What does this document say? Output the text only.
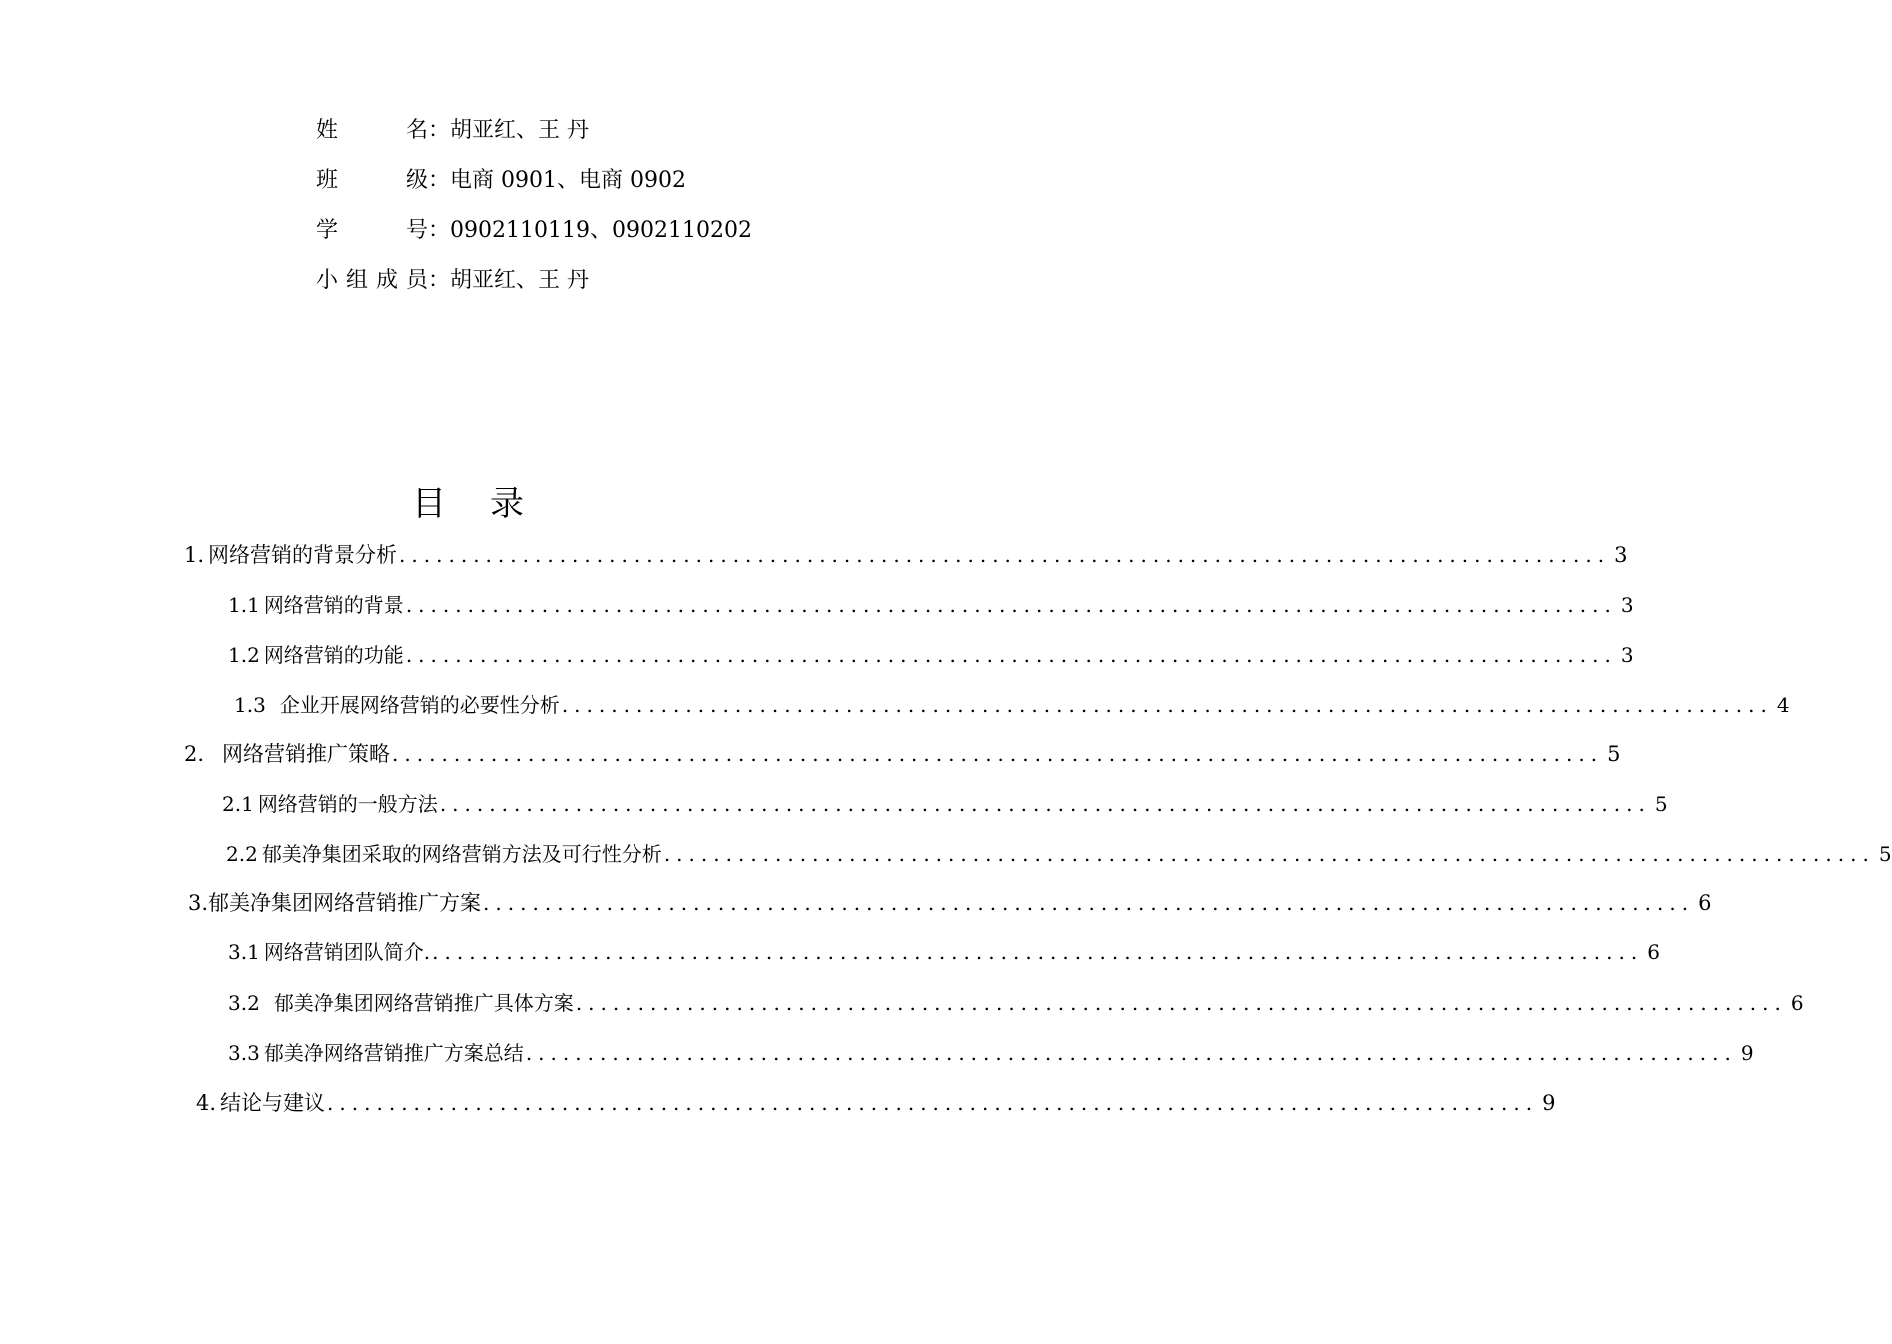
姓名：胡亚红、王 丹
班级：电商 0901、电商 0902
学号：0902110119、0902110202
小组成员：胡亚红、王 丹
目录
1. 网络营销的背景分析 .................................................................................................. 3
1.1 网络营销的背景 .................................................................................................. 3
1.2 网络营销的功能 .................................................................................................. 3
1.3 企业开展网络营销的必要性分析 .................................................................................................. 4
2. 网络营销推广策略 .................................................................................................. 5
2.1 网络营销的一般方法 .................................................................................................. 5
2.2 郁美净集团采取的网络营销方法及可行性分析 .................................................................................................. 5
3. 郁美净集团网络营销推广方案 .................................................................................................. 6
3.1 网络营销团队简介. .................................................................................................. 6
3.2 郁美净集团网络营销推广具体方案 .................................................................................................. 6
3.3 郁美净网络营销推广方案总结 .................................................................................................. 9
4. 结论与建议 .................................................................................................. 9
